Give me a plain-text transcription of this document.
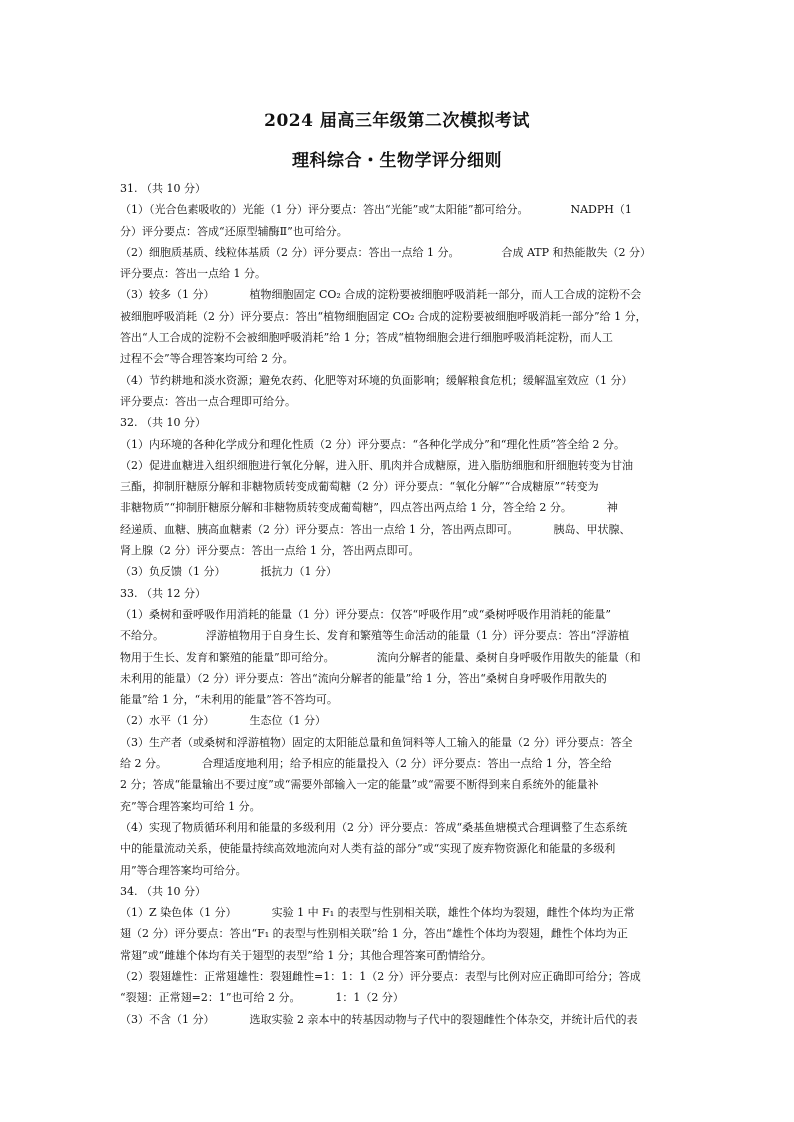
2024 届高三年级第二次模拟考试
理科综合・生物学评分细则
31. （共 10 分）
（1）（光合色素吸收的）光能（1 分）评分要点：答出“光能”或“太阳能”都可给分。            NADPH（1
分）评分要点：答成“还原型辅酶Ⅱ”也可给分。
（2）细胞质基质、线粒体基质（2 分）评分要点：答出一点给 1 分。            合成 ATP 和热能散失（2 分）
评分要点：答出一点给 1 分。
（3）较多（1 分）          植物细胞固定 CO₂ 合成的淀粉要被细胞呼吸消耗一部分，而人工合成的淀粉不会
被细胞呼吸消耗（2 分）评分要点：答出“植物细胞固定 CO₂ 合成的淀粉要被细胞呼吸消耗一部分”给 1 分，
答出“人工合成的淀粉不会被细胞呼吸消耗”给 1 分；答成“植物细胞会进行细胞呼吸消耗淀粉，而人工
过程不会”等合理答案均可给 2 分。
（4）节约耕地和淡水资源；避免农药、化肥等对环境的负面影响；缓解粮食危机；缓解温室效应（1 分）
评分要点：答出一点合理即可给分。
32. （共 10 分）
（1）内环境的各种化学成分和理化性质（2 分）评分要点：“各种化学成分”和“理化性质”答全给 2 分。
（2）促进血糖进入组织细胞进行氧化分解，进入肝、肌肉并合成糖原，进入脂肪细胞和肝细胞转变为甘油
三酯，抑制肝糖原分解和非糖物质转变成葡萄糖（2 分）评分要点：“氧化分解”“合成糖原”“转变为
非糖物质”“抑制肝糖原分解和非糖物质转变成葡萄糖”，四点答出两点给 1 分，答全给 2 分。          神
经递质、血糖、胰高血糖素（2 分）评分要点：答出一点给 1 分，答出两点即可。          胰岛、甲状腺、
肾上腺（2 分）评分要点：答出一点给 1 分，答出两点即可。
（3）负反馈（1 分）          抵抗力（1 分）
33. （共 12 分）
（1）桑树和蚕呼吸作用消耗的能量（1 分）评分要点：仅答“呼吸作用”或“桑树呼吸作用消耗的能量”
不给分。            浮游植物用于自身生长、发育和繁殖等生命活动的能量（1 分）评分要点：答出“浮游植
物用于生长、发育和繁殖的能量”即可给分。            流向分解者的能量、桑树自身呼吸作用散失的能量（和
未利用的能量）（2 分）评分要点：答出“流向分解者的能量”给 1 分，答出“桑树自身呼吸作用散失的
能量”给 1 分，“未利用的能量”答不答均可。
（2）水平（1 分）          生态位（1 分）
（3）生产者（或桑树和浮游植物）固定的太阳能总量和鱼饲料等人工输入的能量（2 分）评分要点：答全
给 2 分。          合理适度地利用；给予相应的能量投入（2 分）评分要点：答出一点给 1 分，答全给
2 分；答成“能量输出不要过度”或“需要外部输入一定的能量”或“需要不断得到来自系统外的能量补
充”等合理答案均可给 1 分。
（4）实现了物质循环利用和能量的多级利用（2 分）评分要点：答成“桑基鱼塘模式合理调整了生态系统
中的能量流动关系，使能量持续高效地流向对人类有益的部分”或“实现了废弃物资源化和能量的多级利
用”等合理答案均可给分。
34. （共 10 分）
（1）Z 染色体（1 分）          实验 1 中 F₁ 的表型与性别相关联，雄性个体均为裂翅，雌性个体均为正常
翅（2 分）评分要点：答出“F₁ 的表型与性别相关联”给 1 分，答出“雄性个体均为裂翅，雌性个体均为正
常翅”或“雌雄个体均有关于翅型的表型”给 1 分；其他合理答案可酌情给分。
（2）裂翅雄性：正常翅雄性：裂翅雌性=1：1：1（2 分）评分要点：表型与比例对应正确即可给分；答成
“裂翅：正常翅=2：1”也可给 2 分。          1：1（2 分）
（3）不含（1 分）          选取实验 2 亲本中的转基因动物与子代中的裂翅雌性个体杂交，并统计后代的表
